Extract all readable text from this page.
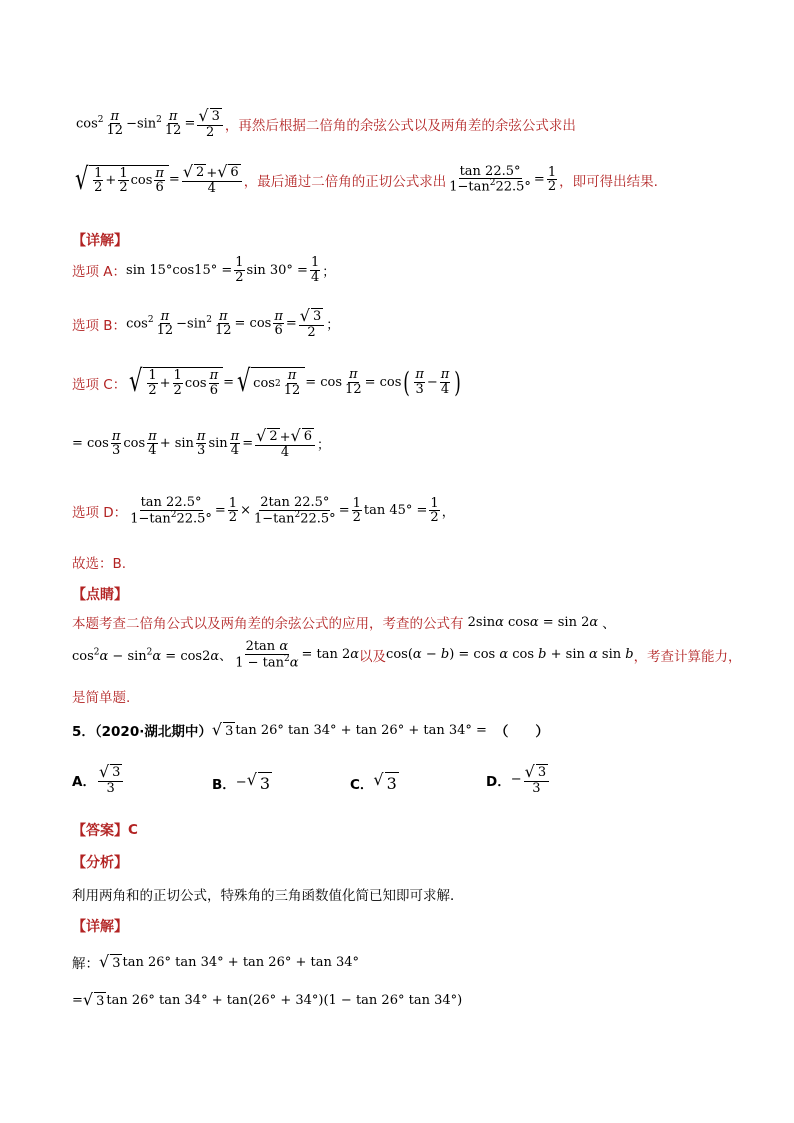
$\cos^2 \frac{\pi}{12} -\sin^2 \frac{\pi}{12} = \frac{√ 3}{2}$ ，再然后根据二倍角的余弦公式以及两角差的余弦公式求出
√ $\frac{1}{2} + \frac{1}{2}$ $\cos \frac{\pi}{6} = \frac{√ 2 + √ 6}{4}$ ，最后通过二倍角的正切公式求出 $\frac{\tan 22.5^\circ}{1-\tan^222.5^\circ} = \frac{1}{2}$ ，即可得出结果.
【详解】
选项 A： $\sin 15^\circ\cos 15^\circ = \frac{1}{2}$ $\sin 30^\circ = \frac{1}{4}$ ；
选项 B： $\cos^2 \frac{\pi}{12} -\sin^2 \frac{\pi}{12} = \cos \frac{\pi}{6} = \frac{√ 3}{2}$ ；
选项 C： √ $\frac{1}{2} + \frac{1}{2}$ $\cos \frac{\pi}{6}$ = √ $\cos 2 \frac{\pi}{12} = \cos \frac{\pi}{12} = \cos$ ( $\frac{\pi}{3} - \frac{\pi}{4}$ )
= $\cos \frac{\pi}{3}$ $\cos \frac{\pi}{4} + \sin \frac{\pi}{3}$ $\sin \frac{\pi}{4} = \frac{√ 2 + √ 6}{4}$ ；
选项 D： $\frac{\tan 22.5^\circ}{1-\tan^222.5^\circ} = \frac{1}{2} \times \frac{2\tan 22.5^\circ}{1-\tan^222.5^\circ} = \frac{1}{2}$ $\tan 45^\circ = \frac{1}{2}$ ，
故选：B.
【点睛】
本题考查二倍角公式以及两角差的余弦公式的应用，考查的公式有 2sinα cosα = sin 2α 、
$\cos^2\alpha - \sin^2\alpha = \cos 2\alpha$、 $\frac{\text{2tan α}}{1 - \tan^2\alpha} = \tan 2\alpha$ 以及 cos(α − b) = cos α cos b + sin α sin b ，考查计算能力，
是简单题.
5．（2020·湖北期中） √ 3 tan 26° tan 34° + tan 26° + tan 34° = （　　）
A． $\frac{√ 3}{3}$	B． − √ 3	C． √ 3	D． − $\frac{√ 3}{3}$
【答案】 C
【分析】
利用两角和的正切公式，特殊角的三角函数值化简已知即可求解．
【详解】
解： √ 3 tan 26° tan 34° + tan 26° + tan 34°
= √ 3 tan 26° tan 34° + tan(26° + 34°)(1 − tan 26° tan 34°)
